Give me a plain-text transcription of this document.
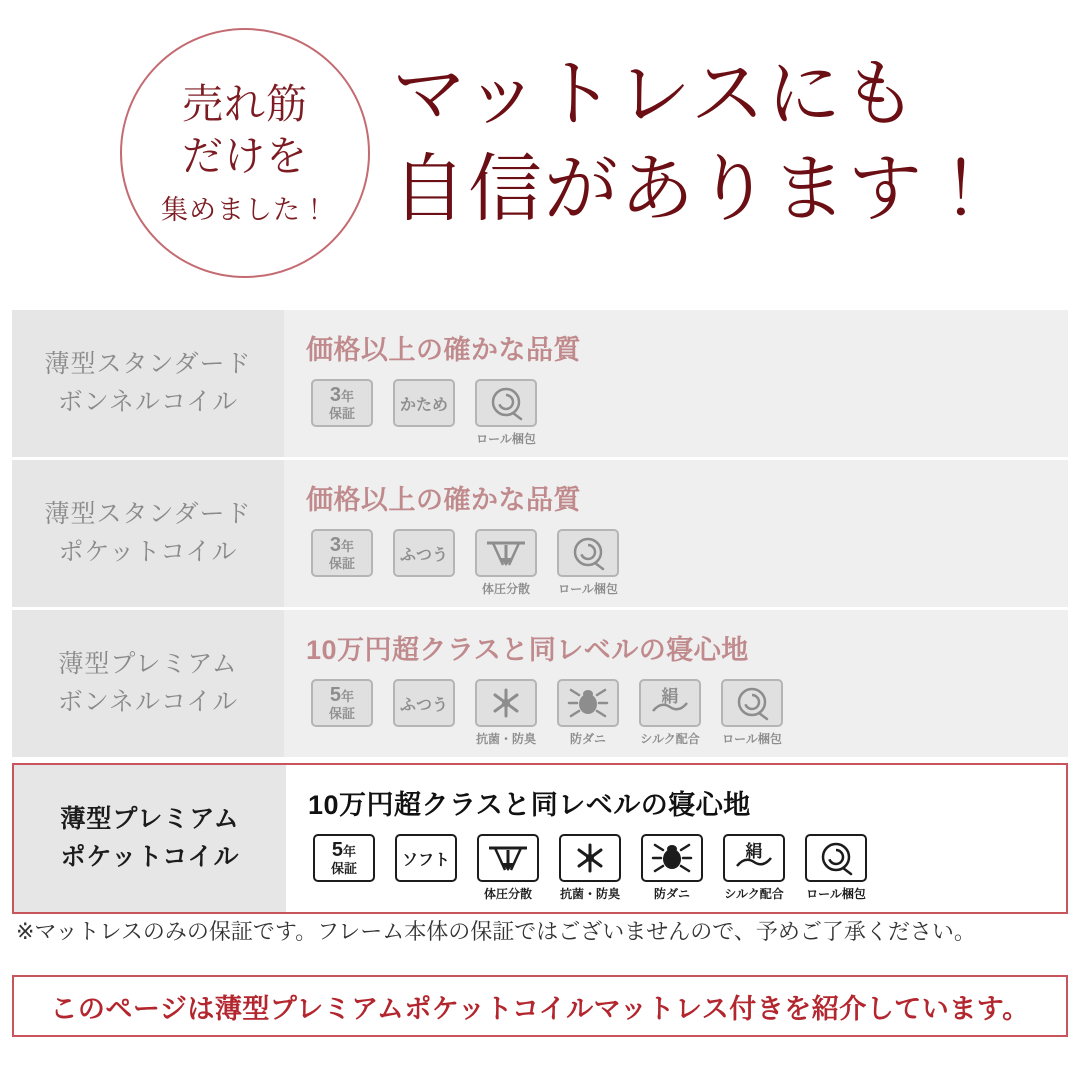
売れ筋
だけを
集めました！
マットレスにも
自信があります！
薄型スタンダード
ボンネルコイル
価格以上の確かな品質
3年
保証	かため
ロール梱包
薄型スタンダード
ポケットコイル
価格以上の確かな品質
3年
保証	ふつう
体圧分散 ロール梱包
薄型プレミアム
ボンネルコイル
10万円超クラスと同レベルの寝心地
5年
保証	ふつう
抗菌・防臭	防ダニ
絹
シルク配合 ロール梱包
薄型プレミアム
ポケットコイル
10万円超クラスと同レベルの寝心地
5年
保証	ソフト
体圧分散 抗菌・防臭	防ダニ
絹
シルク配合 ロール梱包
※マットレスのみの保証です。フレーム本体の保証ではございませんので、予めご了承ください。
このページは薄型プレミアムポケットコイルマットレス付きを紹介しています。
